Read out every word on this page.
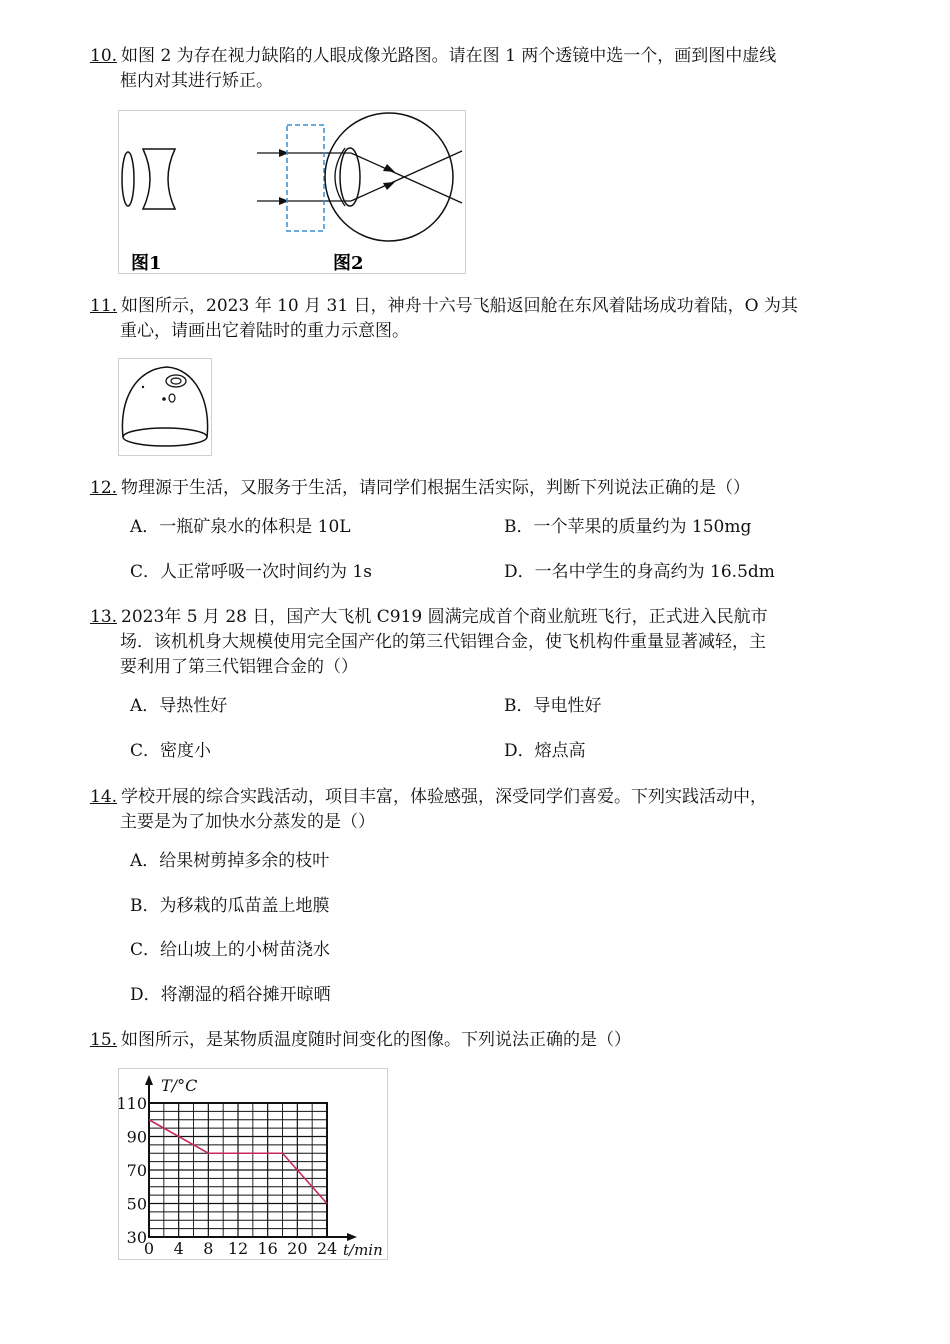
10. 如图 2 为存在视力缺陷的人眼成像光路图。请在图 1 两个透镜中选一个，画到图中虚线
框内对其进行矫正。
图1	图2
11. 如图所示，2023 年 10 月 31 日，神舟十六号飞船返回舱在东风着陆场成功着陆，O 为其
重心，请画出它着陆时的重力示意图。
12. 物理源于生活，又服务于生活，请同学们根据生活实际，判断下列说法正确的是（）
A．一瓶矿泉水的体积是 10L	B．一个苹果的质量约为 150mg
C．人正常呼吸一次时间约为 1s	D．一名中学生的身高约为 16.5dm
13. 2023年 5 月 28 日，国产大飞机 C919 圆满完成首个商业航班飞行，正式进入民航市
场．该机机身大规模使用完全国产化的第三代铝锂合金，使飞机构件重量显著减轻，主
要利用了第三代铝锂合金的（）
A．导热性好	B．导电性好
C．密度小	D．熔点高
14. 学校开展的综合实践活动，项目丰富，体验感强，深受同学们喜爱。下列实践活动中，
主要是为了加快水分蒸发的是（）
A．给果树剪掉多余的枝叶
B．为移栽的瓜苗盖上地膜
C．给山坡上的小树苗浇水
D．将潮湿的稻谷摊开晾晒
15. 如图所示，是某物质温度随时间变化的图像。下列说法正确的是（）
0 4 8 12 16 20 24
30
50
70
90
110
T/°C
t/min
